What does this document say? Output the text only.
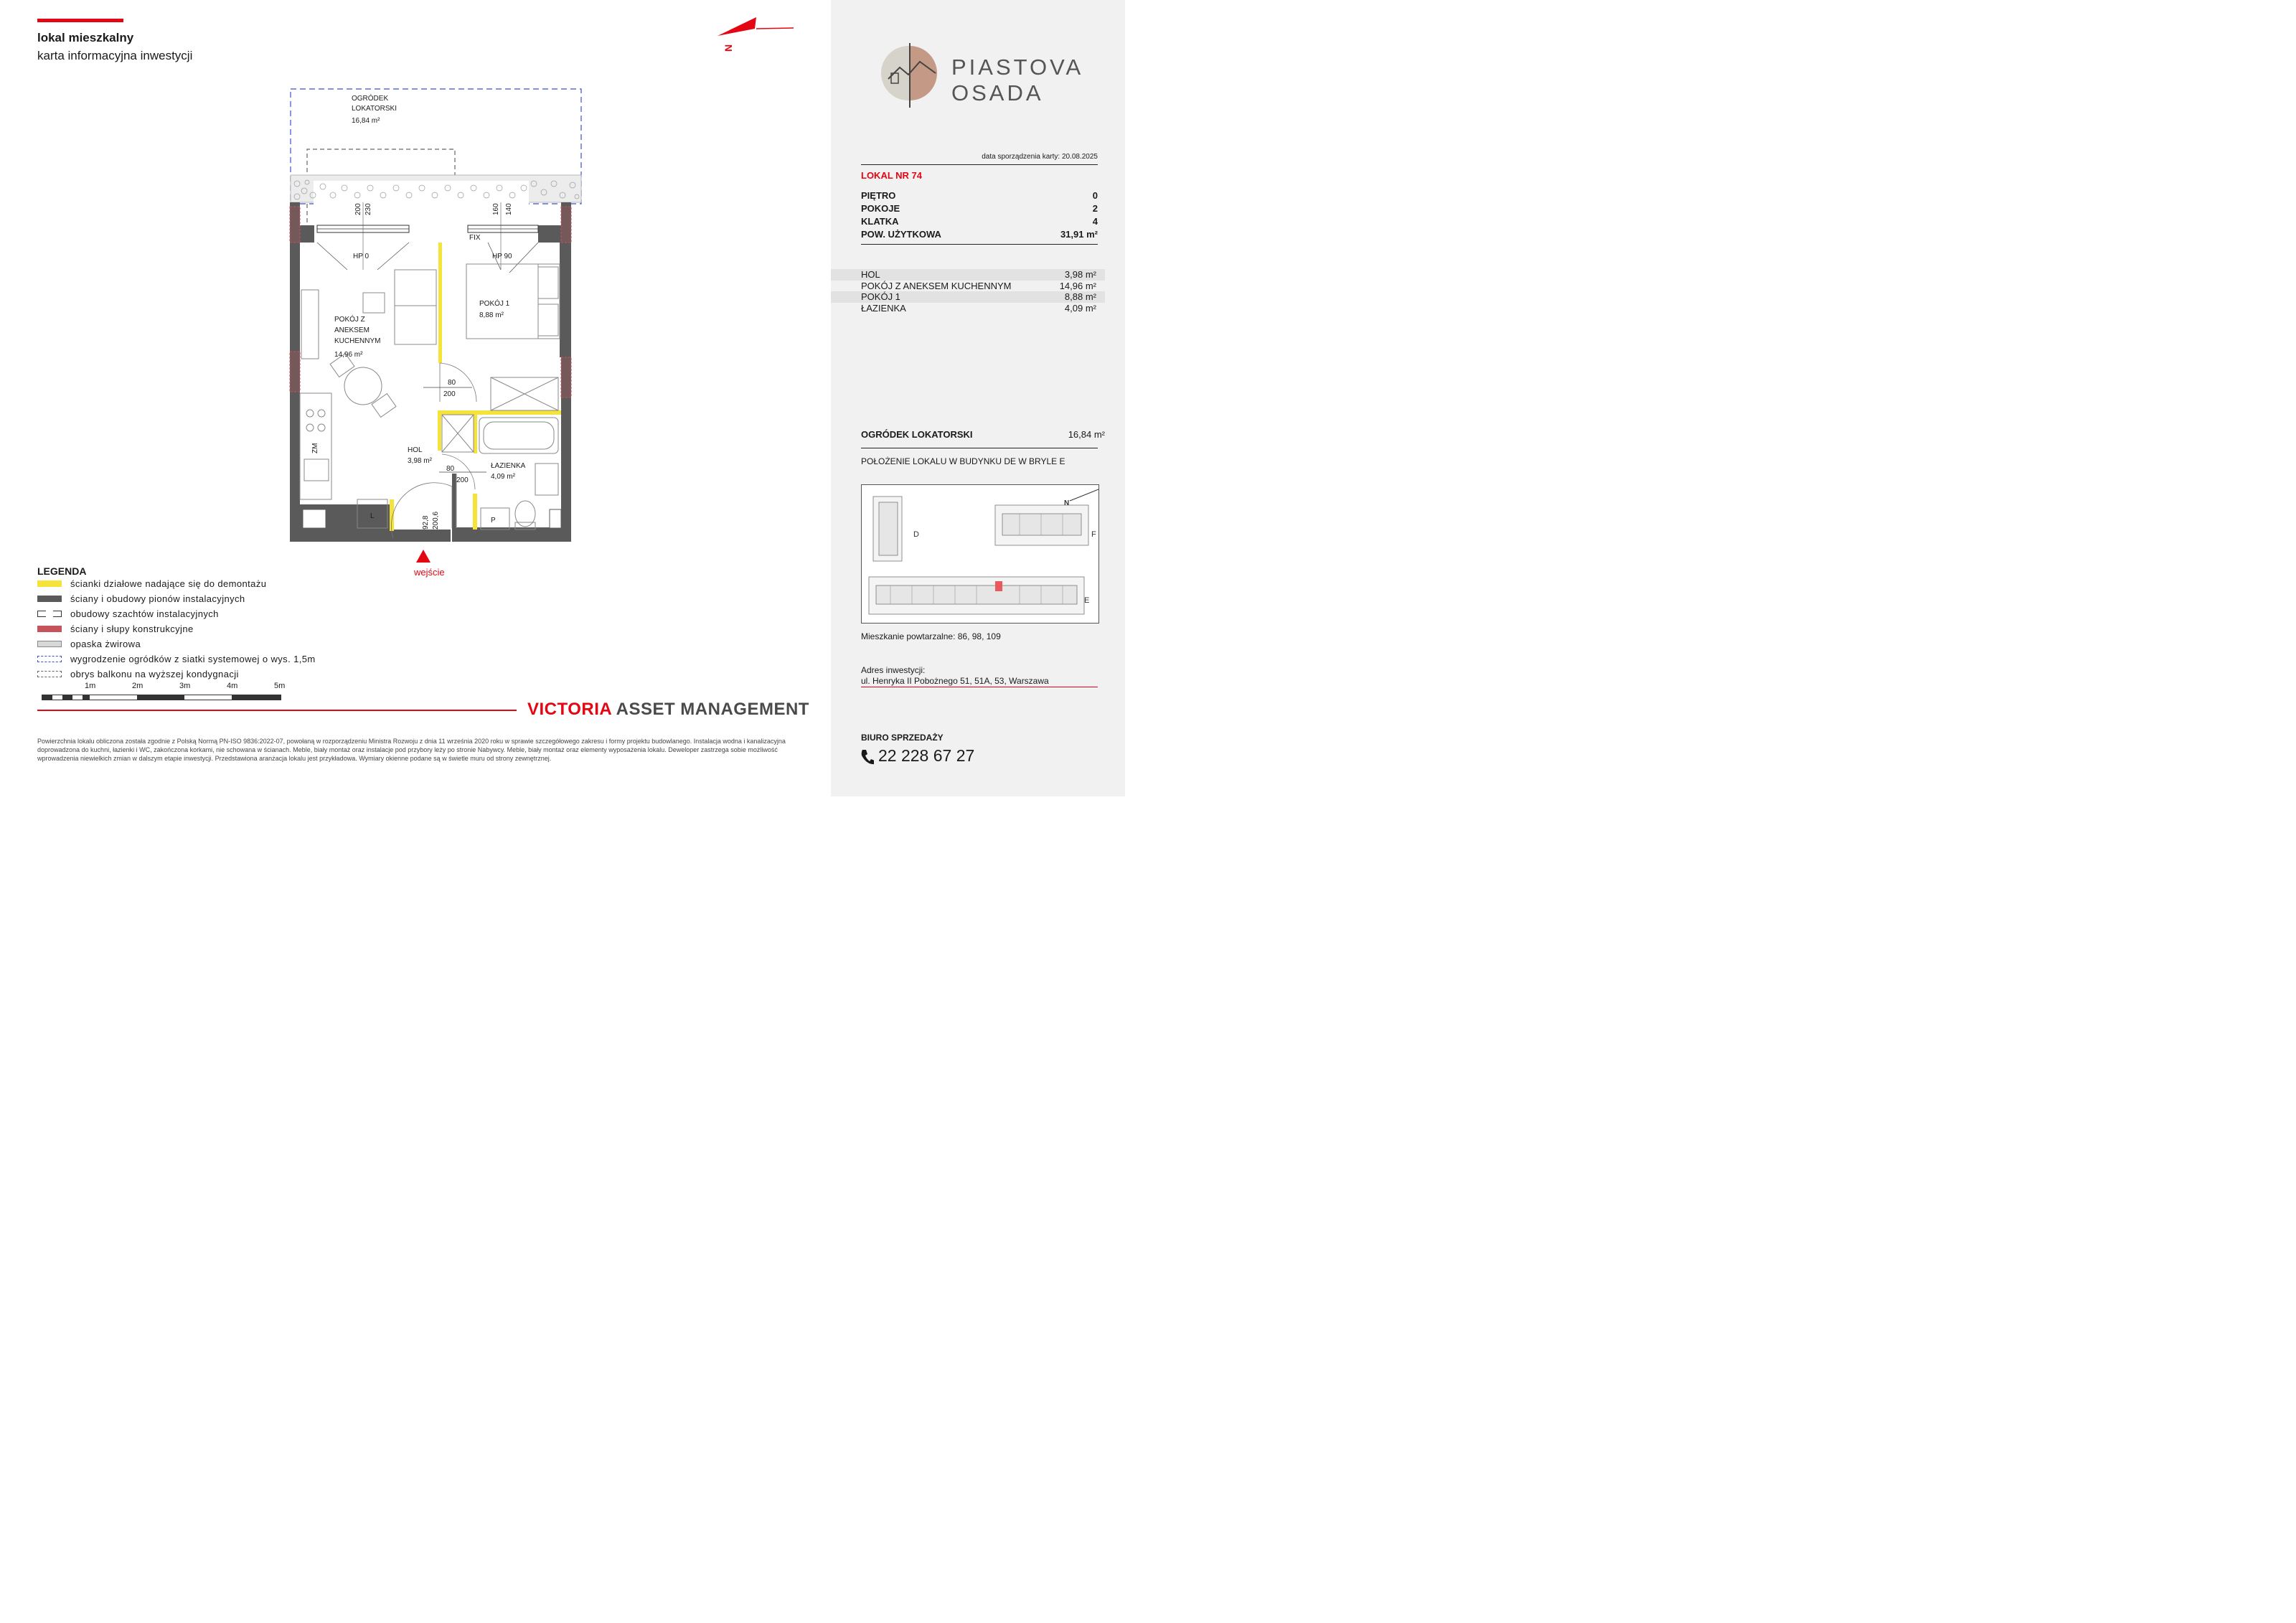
lokal mieszkalny
karta informacyjna inwestycji	PIASTOVA
OSADA
data sporządzenia karty: 20.08.2025
LOKAL NR 74
PIĘTRO	0
POKOJE	2
KLATKA	4
POW. UŻYTKOWA	31,91 m²
HOL	3,98 m²
POKÓJ Z ANEKSEM KUCHENNYM	14,96 m²
POKÓJ 1	8,88 m²
ŁAZIENKA	4,09 m²
OGRÓDEK LOKATORSKI	16,84 m²
POŁOŻENIE LOKALU W BUDYNKU DE W BRYLE E
D	F
E
N
Mieszkanie powtarzalne: 86, 98, 109
Adres inwestycji:
ul. Henryka II Pobożnego 51, 51A, 53, Warszawa
BIURO SPRZEDAŻY
22 228 67 27
N
OGRÓDEK
LOKATORSKI
16,84 m²
200 230	160 140
FIX
HP 0	HP 90
POKÓJ Z
ANEKSEM
KUCHENNYM
14,96 m²
POKÓJ 1
8,88 m²
HOL
3,98 m²
ŁAZIENKA
4,09 m²
80
200
80
200
92,8 200,6
ZM
L
P
wejście
LEGENDA
ścianki działowe nadające się do demontażu
ściany i obudowy pionów instalacyjnych
obudowy szachtów instalacyjnych
ściany i słupy konstrukcyjne
opaska żwirowa
wygrodzenie ogródków z siatki systemowej o wys. 1,5m
obrys balkonu na wyższej kondygnacji
1m	2m	3m	4m	5m
VICTORIA ASSET MANAGEMENT
Powierzchnia lokalu obliczona została zgodnie z Polską Normą PN-ISO 9836:2022-07, powołaną w rozporządzeniu Ministra Rozwoju z dnia 11 września 2020 roku w sprawie szczegółowego zakresu i formy projektu budowlanego. Instalacja wodna i kanalizacyjna doprowadzona do kuchni, łazienki i WC, zakończona korkami, nie schowana w ścianach. Meble, biały montaż oraz instalacje pod przybory leży po stronie Nabywcy. Meble, biały montaż oraz elementy wyposażenia lokalu. Deweloper zastrzega sobie możliwość wprowadzenia niewielkich zmian w dalszym etapie inwestycji. Przedstawiona aranżacja lokalu jest przykładowa. Wymiary okienne podane są w świetle muru od strony zewnętrznej.
